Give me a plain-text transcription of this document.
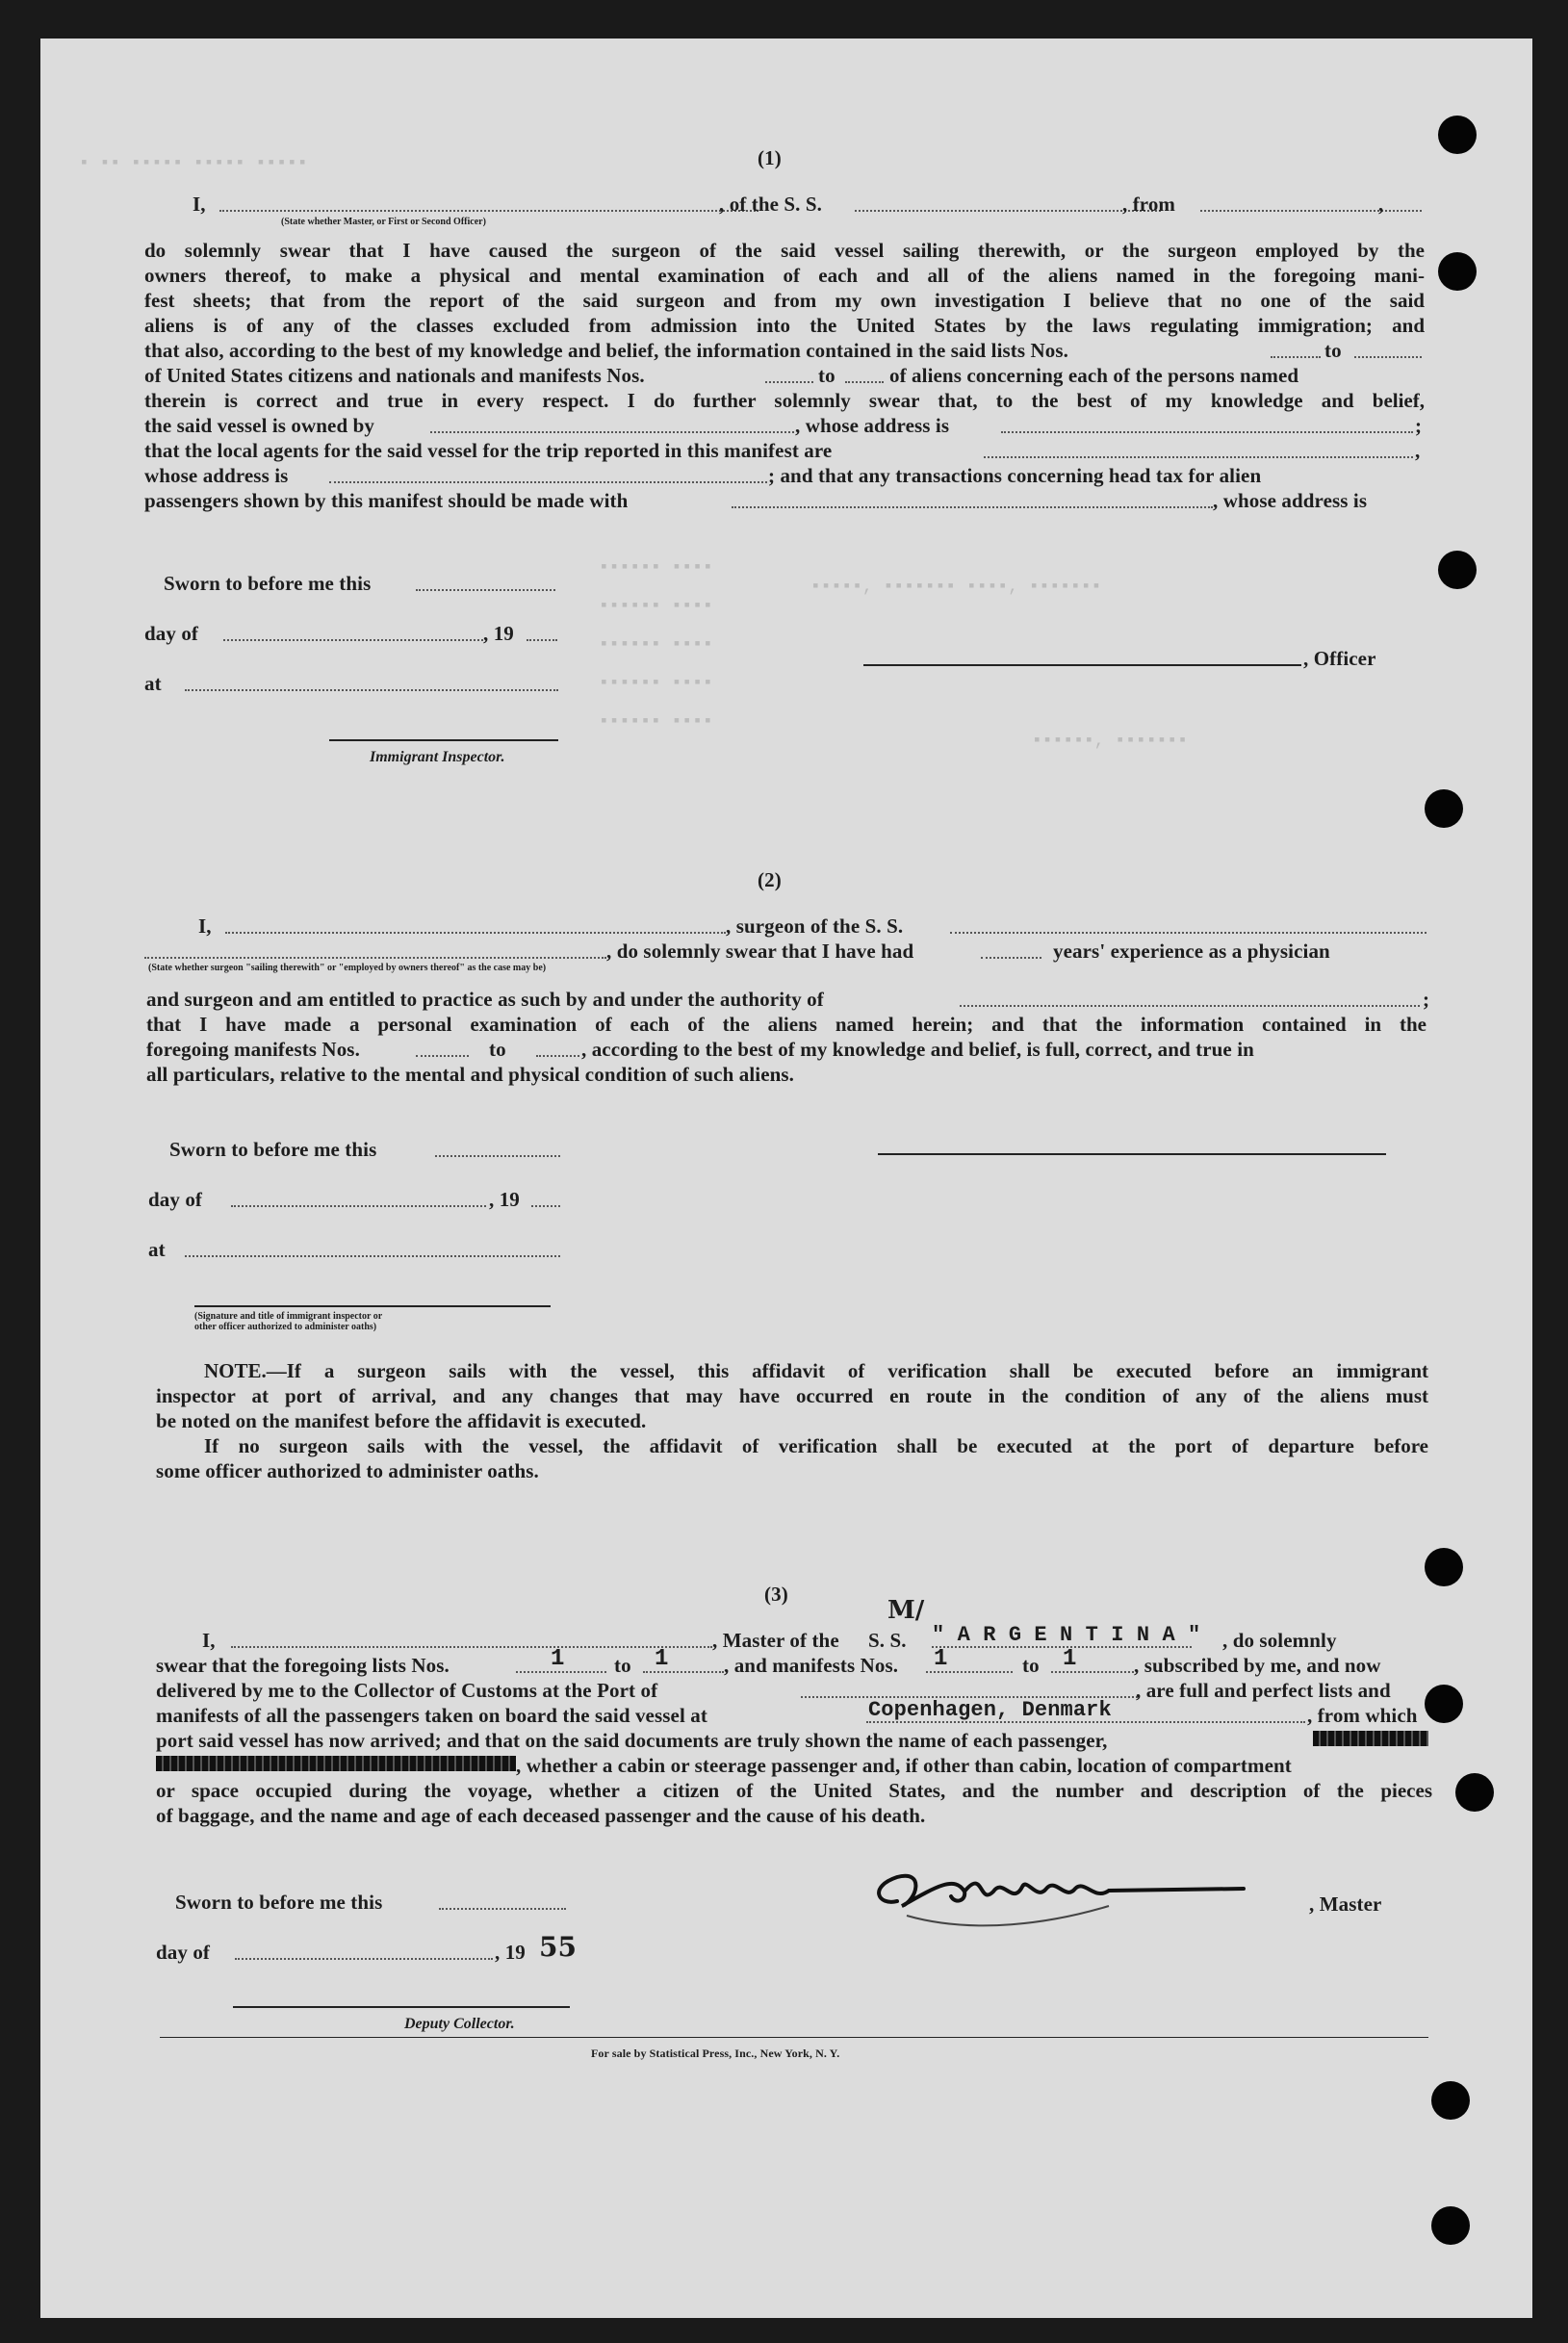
▪ ▪▪ ▪▪▪▪▪ ▪▪▪▪▪ ▪▪▪▪▪
▪▪▪▪▪, ▪▪▪▪▪▪▪ ▪▪▪▪, ▪▪▪▪▪▪▪
▪▪▪▪▪▪ ▪▪▪▪
▪▪▪▪▪▪ ▪▪▪▪
▪▪▪▪▪▪ ▪▪▪▪
▪▪▪▪▪▪ ▪▪▪▪
▪▪▪▪▪▪ ▪▪▪▪
▪▪▪▪▪▪, ▪▪▪▪▪▪▪
(1)
I,	, of the S. S.	, from	,
(State whether Master, or First or Second Officer)
do solemnly swear that I have caused the surgeon of the said vessel sailing therewith, or the surgeon employed by the
owners thereof, to make a physical and mental examination of each and all of the aliens named in the foregoing mani-
fest sheets; that from the report of the said surgeon and from my own investigation I believe that no one of the said
aliens is of any of the classes excluded from admission into the United States by the laws regulating immigration; and
that also, according to the best of my knowledge and belief, the information contained in the said lists Nos.	to
of United States citizens and nationals and manifests Nos.	to	of aliens concerning each of the persons named
therein is correct and true in every respect. I do further solemnly swear that, to the best of my knowledge and belief,
the said vessel is owned by	, whose address is	;
that the local agents for the said vessel for the trip reported in this manifest are	,
whose address is	; and that any transactions concerning head tax for alien
passengers shown by this manifest should be made with	, whose address is
Sworn to before me this
day of	, 19
at
, Officer
Immigrant Inspector.
(2)
I,	, surgeon of the S. S.
, do solemnly swear that I have had	years' experience as a physician
(State whether surgeon "sailing therewith" or "employed by owners thereof" as the case may be)
and surgeon and am entitled to practice as such by and under the authority of	;
that I have made a personal examination of each of the aliens named herein; and that the information contained in the
foregoing manifests Nos.	to	, according to the best of my knowledge and belief, is full, correct, and true in
all particulars, relative to the mental and physical condition of such aliens.
Sworn to before me this
day of	, 19
at
(Signature and title of immigrant inspector or other officer authorized to administer oaths)
NOTE.—If a surgeon sails with the vessel, this affidavit of verification shall be executed before an immigrant
inspector at port of arrival, and any changes that may have occurred en route in the condition of any of the aliens must
be noted on the manifest before the affidavit is executed.
If no surgeon sails with the vessel, the affidavit of verification shall be executed at the port of departure before
some officer authorized to administer oaths.
(3)
I,	, Master of the
M/
S. S. " A R G E N T I N A " , do solemnly
swear that the foregoing lists Nos.	1 to 1	, and manifests Nos. 1	to 1	, subscribed by me, and now
delivered by me to the Collector of Customs at the Port of	, are full and perfect lists and
manifests of all the passengers taken on board the said vessel at	Copenhagen, Denmark	, from which
port said vessel has now arrived; and that on the said documents are truly shown the name of each passenger,
, whether a cabin or steerage passenger and, if other than cabin, location of compartment
or space occupied during the voyage, whether a citizen of the United States, and the number and description of the pieces
of baggage, and the name and age of each deceased passenger and the cause of his death.
Sworn to before me this	, Master
day of	, 19 55
Deputy Collector.
For sale by Statistical Press, Inc., New York, N. Y.
